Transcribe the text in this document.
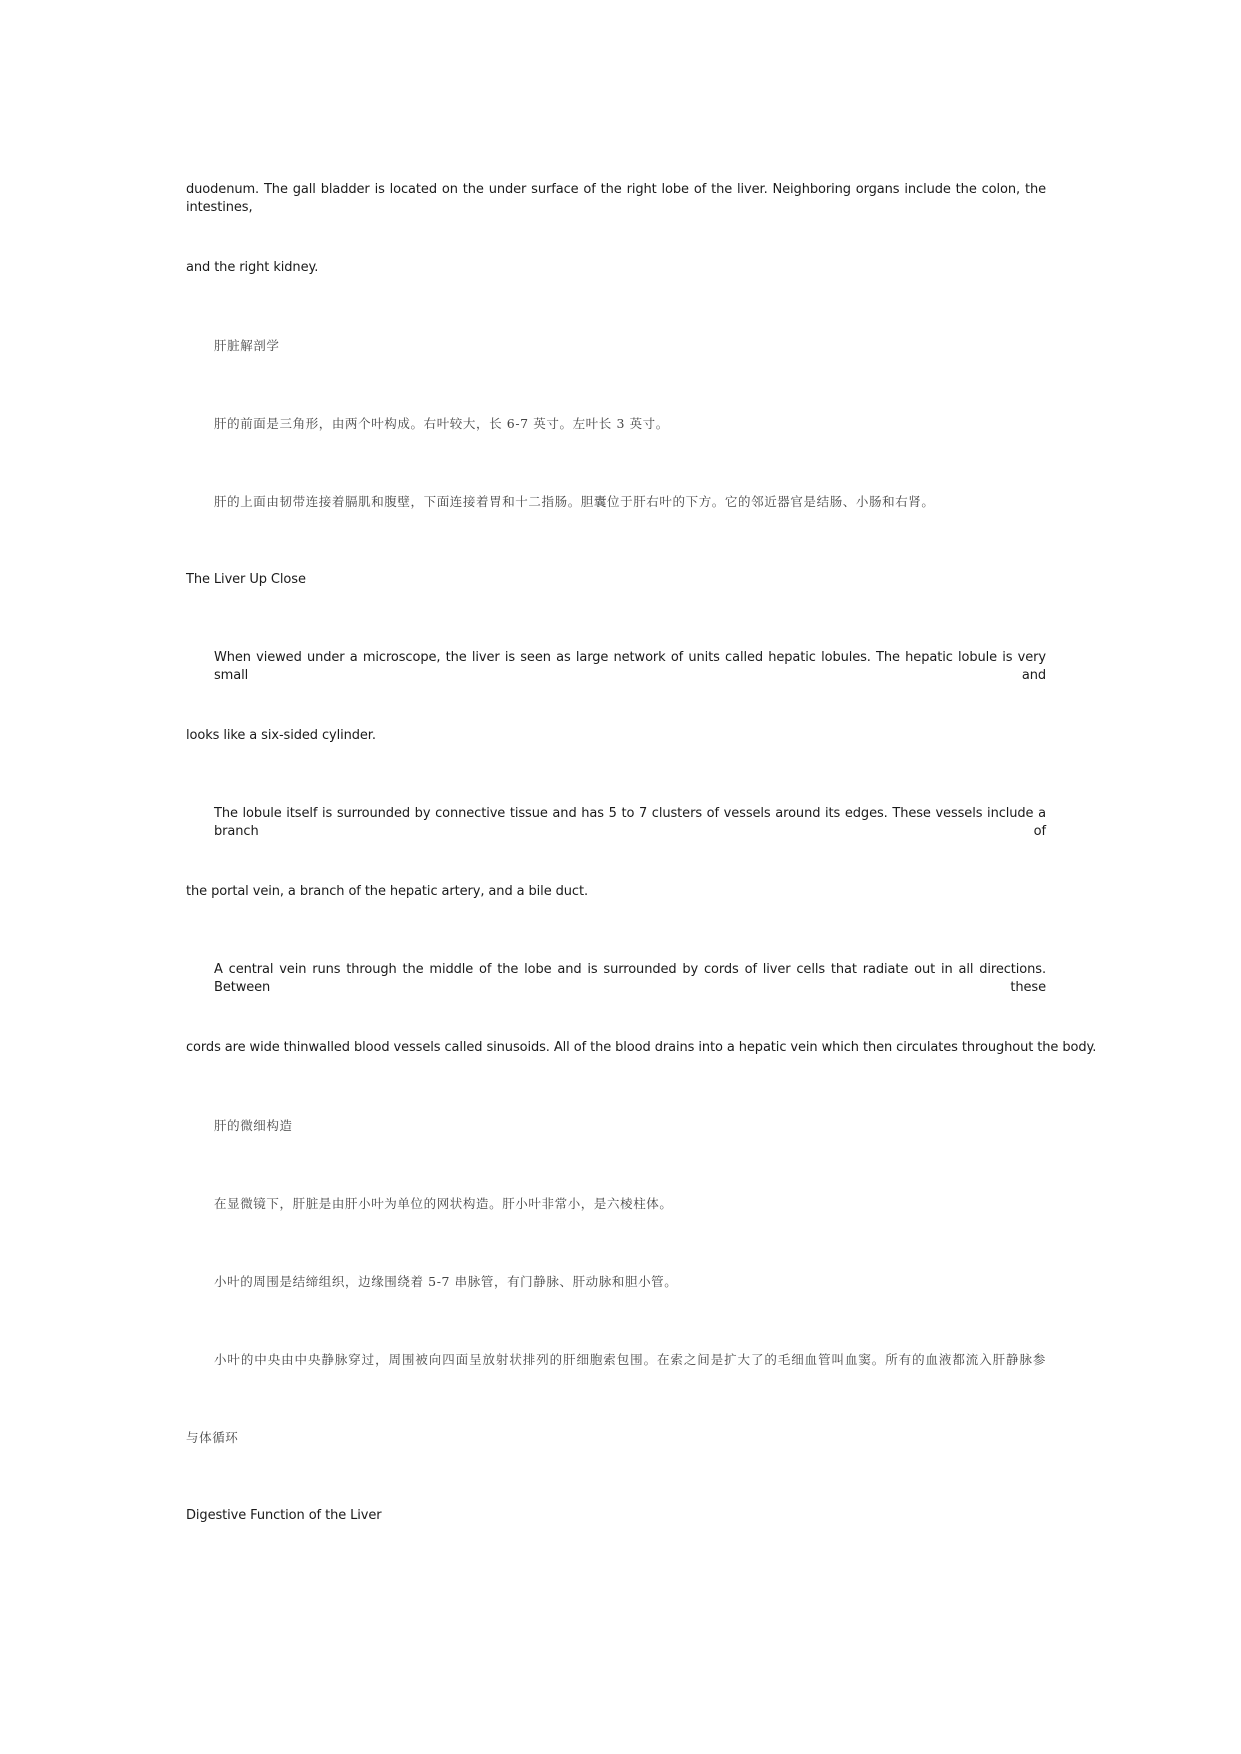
duodenum. The gall bladder is located on the under surface of the right lobe of the liver. Neighboring organs include the colon, the intestines,
and the right kidney.
肝脏解剖学
肝的前面是三角形，由两个叶构成。右叶较大，长 6-7 英寸。左叶长 3 英寸。
肝的上面由韧带连接着膈肌和腹壁，下面连接着胃和十二指肠。胆囊位于肝右叶的下方。它的邻近器官是结肠、小肠和右肾。
The Liver Up Close
When viewed under a microscope, the liver is seen as large network of units called hepatic lobules. The hepatic lobule is very small and
looks like a six-sided cylinder.
The lobule itself is surrounded by connective tissue and has 5 to 7 clusters of vessels around its edges. These vessels include a branch of
the portal vein, a branch of the hepatic artery, and a bile duct.
A central vein runs through the middle of the lobe and is surrounded by cords of liver cells that radiate out in all directions. Between these
cords are wide thinwalled blood vessels called sinusoids. All of the blood drains into a hepatic vein which then circulates throughout the body.
肝的微细构造
在显微镜下，肝脏是由肝小叶为单位的网状构造。肝小叶非常小，是六棱柱体。
小叶的周围是结缔组织，边缘围绕着 5-7 串脉管，有门静脉、肝动脉和胆小管。
小叶的中央由中央静脉穿过，周围被向四面呈放射状排列的肝细胞索包围。在索之间是扩大了的毛细血管叫血窦。所有的血液都流入肝静脉参
与体循环
Digestive Function of the Liver
